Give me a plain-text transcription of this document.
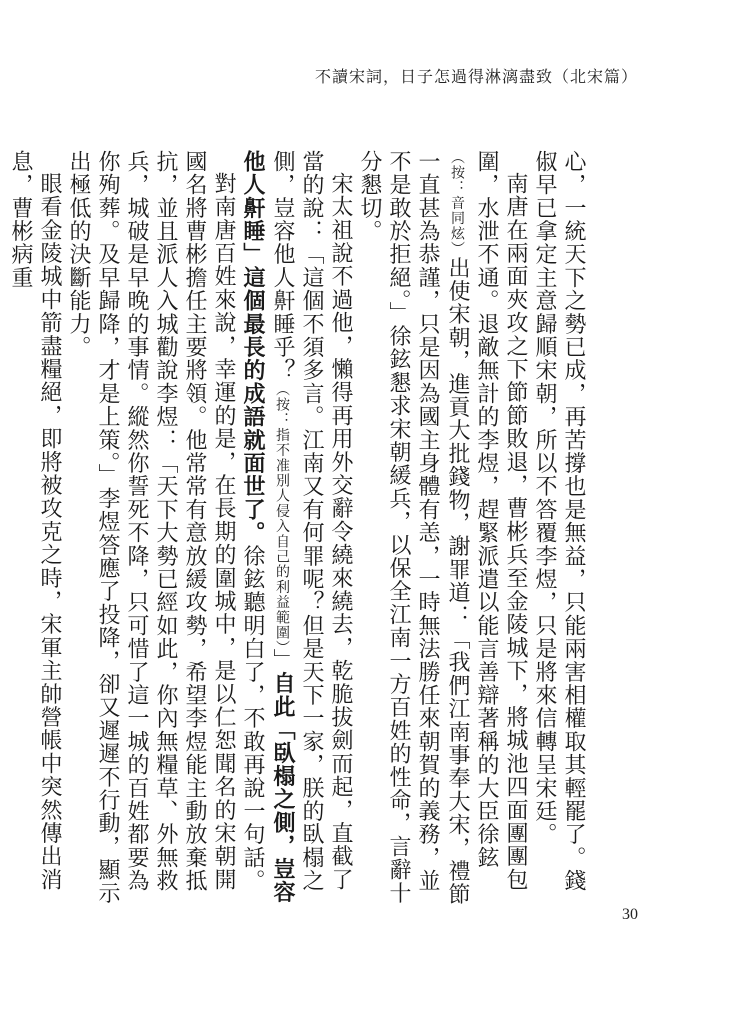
不讀宋詞，日子怎過得淋漓盡致（北宋篇）

心，一統天下之勢已成，再苦撐也是無益，只能兩害相權取其輕罷了。錢俶早已拿定主意歸順宋朝，所以不答覆李煜，只是將來信轉呈宋廷。

南唐在兩面夾攻之下節節敗退，曹彬兵至金陵城下，將城池四面團團包圍，水泄不通。退敵無計的李煜，趕緊派遣以能言善辯著稱的大臣徐鉉（按：音同炫）出使宋朝，進貢大批錢物，謝罪道：「我們江南事奉大宋，禮節一直甚為恭謹，只是因為國主身體有恙，一時無法勝任來朝賀的義務，並不是敢於拒絕。」徐鉉懇求宋朝緩兵，以保全江南一方百姓的性命，言辭十分懇切。

宋太祖說不過他，懶得再用外交辭令繞來繞去，乾脆拔劍而起，直截了當的說：「這個不須多言。江南又有何罪呢？但是天下一家，朕的臥榻之側，豈容他人鼾睡乎？（按：指不准別人侵入自己的利益範圍）」自此「臥榻之側，豈容他人鼾睡」這個最長的成語就面世了。徐鉉聽明白了，不敢再說一句話。

對南唐百姓來說，幸運的是，在長期的圍城中，是以仁恕聞名的宋朝開國名將曹彬擔任主要將領。他常常有意放緩攻勢，希望李煜能主動放棄抵抗，並且派人入城勸說李煜：「天下大勢已經如此，你內無糧草、外無救兵，城破是早晚的事情。縱然你誓死不降，只可惜了這一城的百姓都要為你殉葬。及早歸降，才是上策。」李煜答應了投降，卻又遲遲不行動，顯示出極低的決斷能力。

眼看金陵城中箭盡糧絕，即將被攻克之時，宋軍主帥營帳中突然傳出消息，曹彬病重

30
